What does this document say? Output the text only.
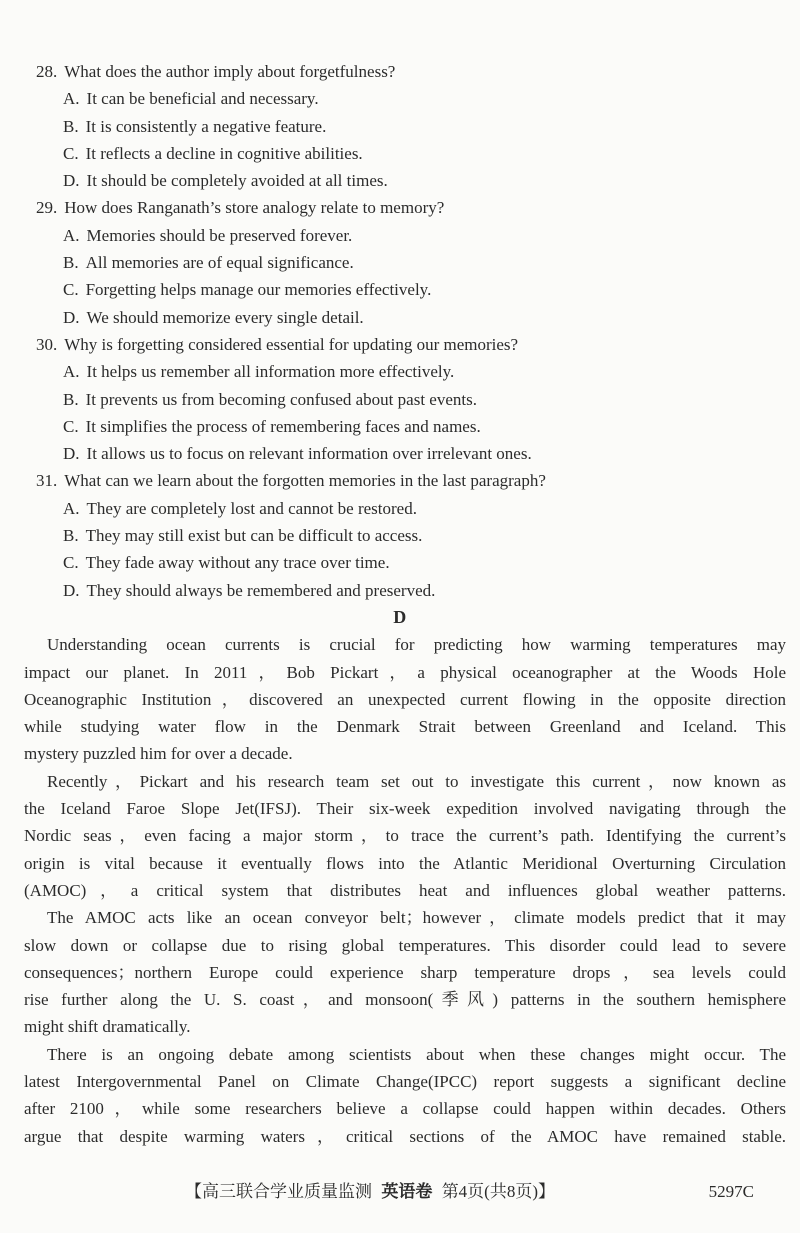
28. What does the author imply about forgetfulness?
A. It can be beneficial and necessary.
B. It is consistently a negative feature.
C. It reflects a decline in cognitive abilities.
D. It should be completely avoided at all times.
29. How does Ranganath’s store analogy relate to memory?
A. Memories should be preserved forever.
B. All memories are of equal significance.
C. Forgetting helps manage our memories effectively.
D. We should memorize every single detail.
30. Why is forgetting considered essential for updating our memories?
A. It helps us remember all information more effectively.
B. It prevents us from becoming confused about past events.
C. It simplifies the process of remembering faces and names.
D. It allows us to focus on relevant information over irrelevant ones.
31. What can we learn about the forgotten memories in the last paragraph?
A. They are completely lost and cannot be restored.
B. They may still exist but can be difficult to access.
C. They fade away without any trace over time.
D. They should always be remembered and preserved.
D
Understanding ocean currents is crucial for predicting how warming temperatures may
impact our planet. In 2011，Bob Pickart，a physical oceanographer at the Woods Hole
Oceanographic Institution，discovered an unexpected current flowing in the opposite direction
while studying water flow in the Denmark Strait between Greenland and Iceland. This
mystery puzzled him for over a decade.
Recently，Pickart and his research team set out to investigate this current，now known as
the Iceland Faroe Slope Jet(IFSJ). Their six-week expedition involved navigating through the
Nordic seas，even facing a major storm，to trace the current’s path. Identifying the current’s
origin is vital because it eventually flows into the Atlantic Meridional Overturning Circulation
(AMOC)，a critical system that distributes heat and influences global weather patterns.
The AMOC acts like an ocean conveyor belt；however，climate models predict that it may
slow down or collapse due to rising global temperatures. This disorder could lead to severe
consequences；northern Europe could experience sharp temperature drops，sea levels could
rise further along the U. S. coast，and monsoon(季风) patterns in the southern hemisphere
might shift dramatically.
There is an ongoing debate among scientists about when these changes might occur. The
latest Intergovernmental Panel on Climate Change(IPCC) report suggests a significant decline
after 2100，while some researchers believe a collapse could happen within decades. Others
argue that despite warming waters，critical sections of the AMOC have remained stable.
【高三联合学业质量监测 英语卷 第4页(共8页)】	5297C
